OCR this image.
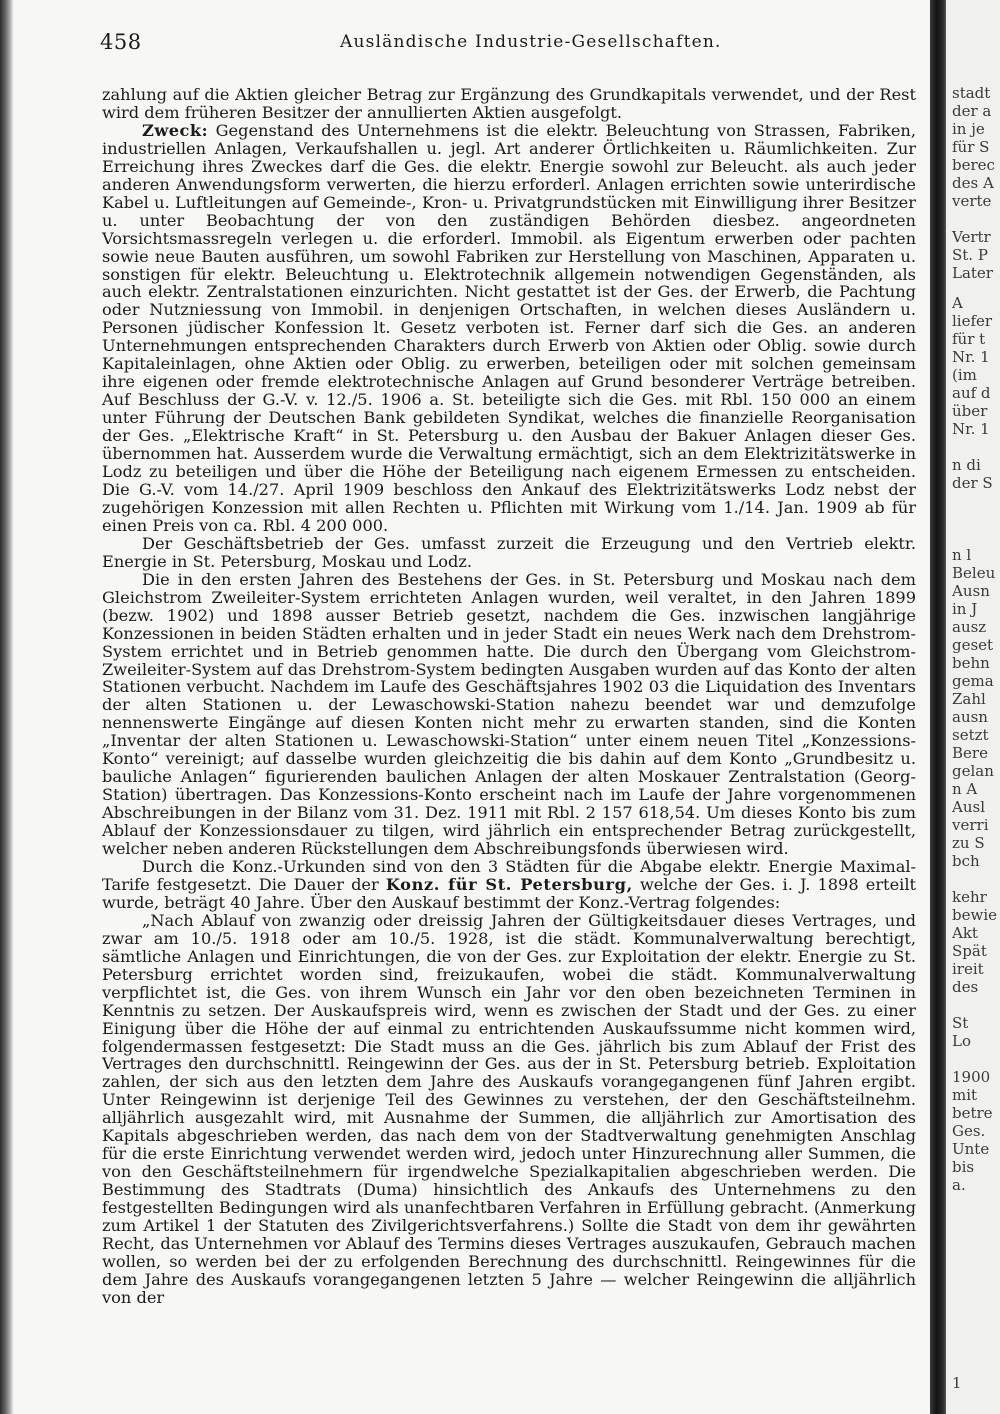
458	Ausländische Industrie-Gesellschaften.

zahlung auf die Aktien gleicher Betrag zur Ergänzung des Grundkapitals verwendet, und der Rest wird dem früheren Besitzer der annullierten Aktien ausgefolgt.

Zweck: Gegenstand des Unternehmens ist die elektr. Beleuchtung von Strassen, Fabriken, industriellen Anlagen, Verkaufshallen u. jegl. Art anderer Örtlichkeiten u. Räumlichkeiten. Zur Erreichung ihres Zweckes darf die Ges. die elektr. Energie sowohl zur Beleucht. als auch jeder anderen Anwendungsform verwerten, die hierzu erforderl. Anlagen errichten sowie unterirdische Kabel u. Luftleitungen auf Gemeinde-, Kron- u. Privatgrundstücken mit Einwilligung ihrer Besitzer u. unter Beobachtung der von den zuständigen Behörden diesbez. angeordneten Vorsichtsmassregeln verlegen u. die erforderl. Immobil. als Eigentum erwerben oder pachten sowie neue Bauten ausführen, um sowohl Fabriken zur Herstellung von Maschinen, Apparaten u. sonstigen für elektr. Beleuchtung u. Elektrotechnik allgemein notwendigen Gegenständen, als auch elektr. Zentralstationen einzurichten. Nicht gestattet ist der Ges. der Erwerb, die Pachtung oder Nutzniessung von Immobil. in denjenigen Ortschaften, in welchen dieses Ausländern u. Personen jüdischer Konfession lt. Gesetz verboten ist. Ferner darf sich die Ges. an anderen Unternehmungen entsprechenden Charakters durch Erwerb von Aktien oder Oblig. sowie durch Kapitaleinlagen, ohne Aktien oder Oblig. zu erwerben, beteiligen oder mit solchen gemeinsam ihre eigenen oder fremde elektrotechnische Anlagen auf Grund besonderer Verträge betreiben. Auf Beschluss der G.-V. v. 12./5. 1906 a. St. beteiligte sich die Ges. mit Rbl. 150 000 an einem unter Führung der Deutschen Bank gebildeten Syndikat, welches die finanzielle Reorganisation der Ges. „Elektrische Kraft“ in St. Petersburg u. den Ausbau der Bakuer Anlagen dieser Ges. übernommen hat. Ausserdem wurde die Verwaltung ermächtigt, sich an dem Elektrizitätswerke in Lodz zu beteiligen und über die Höhe der Beteiligung nach eigenem Ermessen zu entscheiden. Die G.-V. vom 14./27. April 1909 beschloss den Ankauf des Elektrizitätswerks Lodz nebst der zugehörigen Konzession mit allen Rechten u. Pflichten mit Wirkung vom 1./14. Jan. 1909 ab für einen Preis von ca. Rbl. 4 200 000.

Der Geschäftsbetrieb der Ges. umfasst zurzeit die Erzeugung und den Vertrieb elektr. Energie in St. Petersburg, Moskau und Lodz.

Die in den ersten Jahren des Bestehens der Ges. in St. Petersburg und Moskau nach dem Gleichstrom Zweileiter-System errichteten Anlagen wurden, weil veraltet, in den Jahren 1899 (bezw. 1902) und 1898 ausser Betrieb gesetzt, nachdem die Ges. inzwischen langjährige Konzessionen in beiden Städten erhalten und in jeder Stadt ein neues Werk nach dem Drehstrom-System errichtet und in Betrieb genommen hatte. Die durch den Übergang vom Gleichstrom-Zweileiter-System auf das Drehstrom-System bedingten Ausgaben wurden auf das Konto der alten Stationen verbucht. Nachdem im Laufe des Geschäftsjahres 1902 03 die Liquidation des Inventars der alten Stationen u. der Lewaschowski-Station nahezu beendet war und demzufolge nennenswerte Eingänge auf diesen Konten nicht mehr zu erwarten standen, sind die Konten „Inventar der alten Stationen u. Lewaschowski-Station“ unter einem neuen Titel „Konzessions-Konto“ vereinigt; auf dasselbe wurden gleichzeitig die bis dahin auf dem Konto „Grundbesitz u. bauliche Anlagen“ figurierenden baulichen Anlagen der alten Moskauer Zentralstation (Georg-Station) übertragen. Das Konzessions-Konto erscheint nach im Laufe der Jahre vorgenommenen Abschreibungen in der Bilanz vom 31. Dez. 1911 mit Rbl. 2 157 618,54. Um dieses Konto bis zum Ablauf der Konzessionsdauer zu tilgen, wird jährlich ein entsprechender Betrag zurückgestellt, welcher neben anderen Rückstellungen dem Abschreibungsfonds überwiesen wird.

Durch die Konz.-Urkunden sind von den 3 Städten für die Abgabe elektr. Energie Maximal-Tarife festgesetzt. Die Dauer der Konz. für St. Petersburg, welche der Ges. i. J. 1898 erteilt wurde, beträgt 40 Jahre. Über den Auskauf bestimmt der Konz.-Vertrag folgendes:

„Nach Ablauf von zwanzig oder dreissig Jahren der Gültigkeitsdauer dieses Vertrages, und zwar am 10./5. 1918 oder am 10./5. 1928, ist die städt. Kommunalverwaltung berechtigt, sämtliche Anlagen und Einrichtungen, die von der Ges. zur Exploitation der elektr. Energie zu St. Petersburg errichtet worden sind, freizukaufen, wobei die städt. Kommunalverwaltung verpflichtet ist, die Ges. von ihrem Wunsch ein Jahr vor den oben bezeichneten Terminen in Kenntnis zu setzen. Der Auskaufspreis wird, wenn es zwischen der Stadt und der Ges. zu einer Einigung über die Höhe der auf einmal zu entrichtenden Auskaufssumme nicht kommen wird, folgendermassen festgesetzt: Die Stadt muss an die Ges. jährlich bis zum Ablauf der Frist des Vertrages den durchschnittl. Reingewinn der Ges. aus der in St. Petersburg betrieb. Exploitation zahlen, der sich aus den letzten dem Jahre des Auskaufs vorangegangenen fünf Jahren ergibt. Unter Reingewinn ist derjenige Teil des Gewinnes zu verstehen, der den Geschäftsteilnehm. alljährlich ausgezahlt wird, mit Ausnahme der Summen, die alljährlich zur Amortisation des Kapitals abgeschrieben werden, das nach dem von der Stadtverwaltung genehmigten Anschlag für die erste Einrichtung verwendet werden wird, jedoch unter Hinzurechnung aller Summen, die von den Geschäftsteilnehmern für irgendwelche Spezialkapitalien abgeschrieben werden. Die Bestimmung des Stadtrats (Duma) hinsichtlich des Ankaufs des Unternehmens zu den festgestellten Bedingungen wird als unanfechtbaren Verfahren in Erfüllung gebracht. (Anmerkung zum Artikel 1 der Statuten des Zivilgerichtsverfahrens.) Sollte die Stadt von dem ihr gewährten Recht, das Unternehmen vor Ablauf des Termins dieses Vertrages auszukaufen, Gebrauch machen wollen, so werden bei der zu erfolgenden Berechnung des durchschnittl. Reingewinnes für die dem Jahre des Auskaufs vorangegangenen letzten 5 Jahre — welcher Reingewinn die alljährlich von der

stadt
der a
in je
für S
berec
des A
verte
Vertr
St. P
Later
A
liefer
für t
Nr. 1
(im
auf d
über
Nr. 1
n di
der S
n l
Beleu
Ausn
in J
ausz
geset
behn
gema
Zahl
ausn
setzt
Bere
gelan
n A
Ausl
verri
zu S
bch
kehr
bewie
Akt
Spät
ireit
des
St
Lo
1900
mit
betre
Ges.
Unte
bis
a.
1
